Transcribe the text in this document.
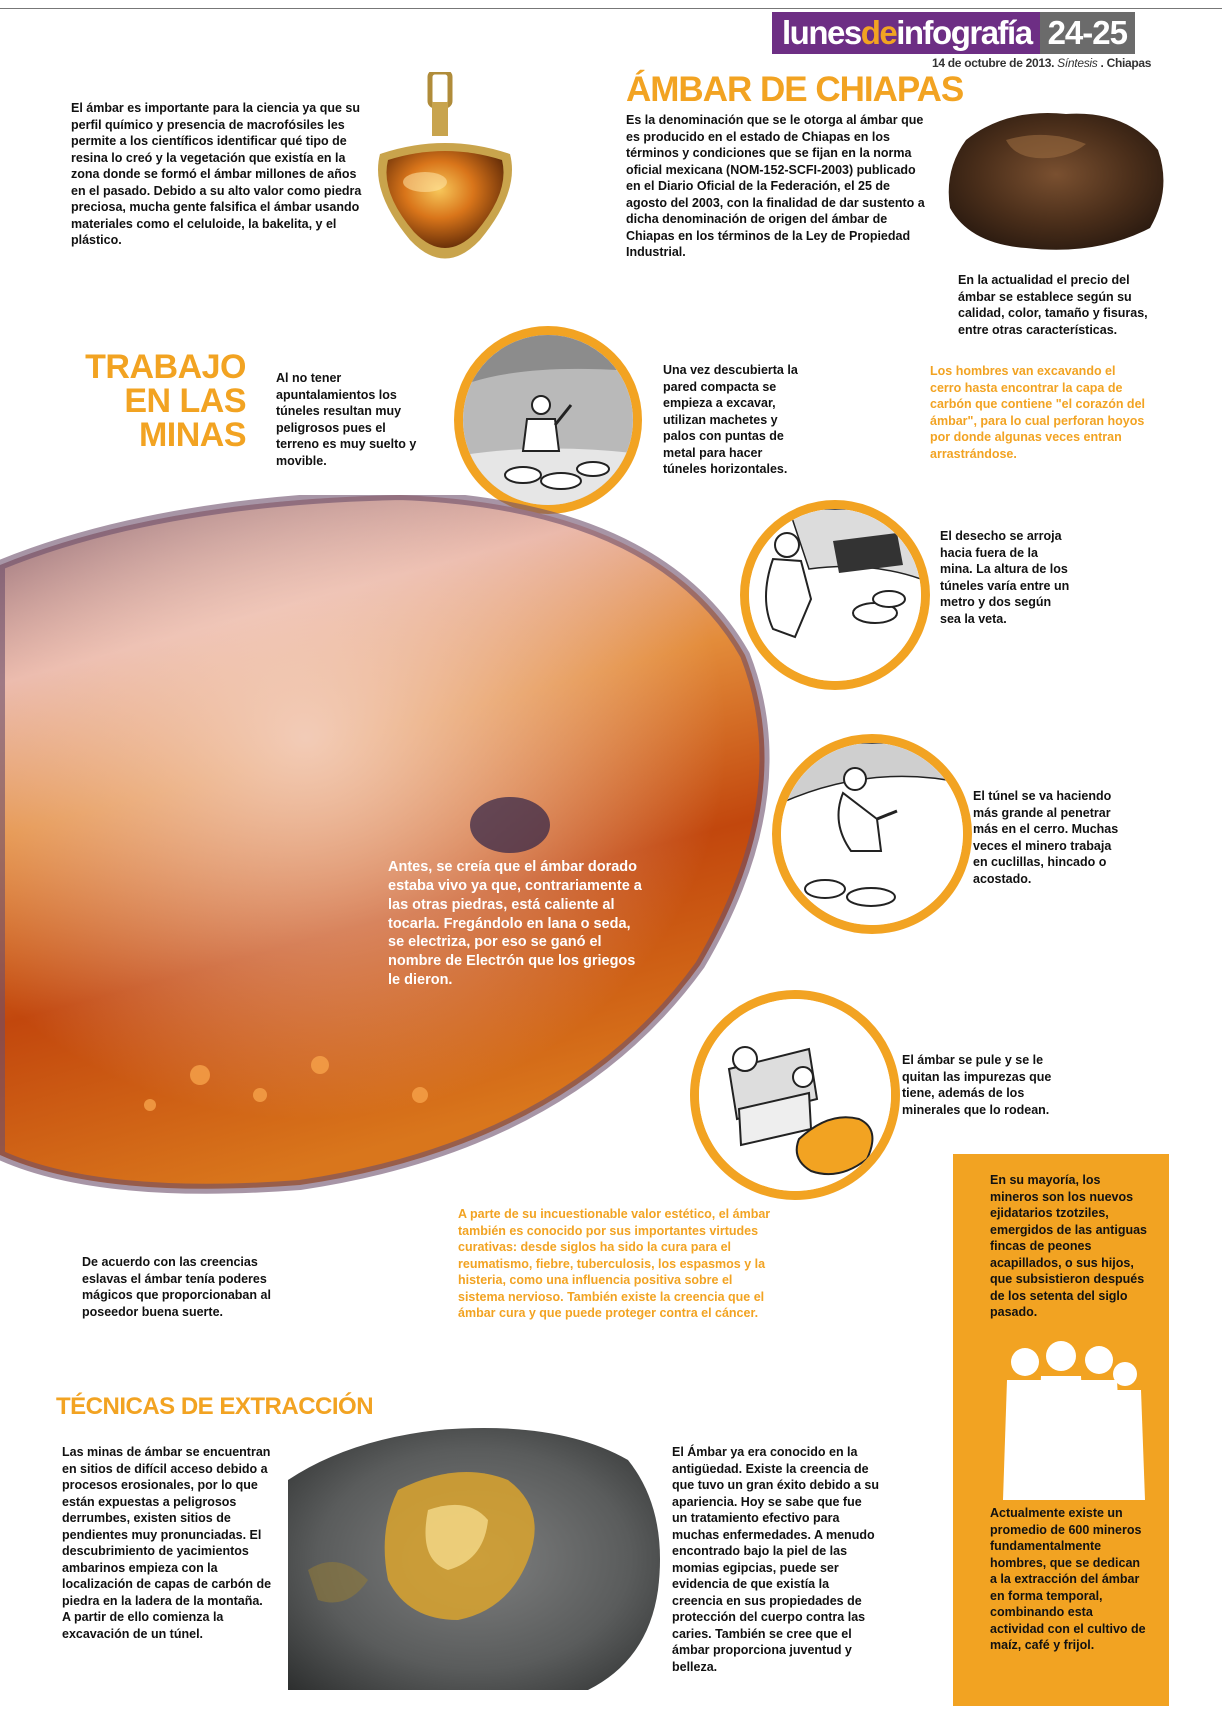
lunes de infografía 24-25
14 de octubre de 2013. Síntesis . Chiapas
El ámbar es importante para la ciencia ya que su perfil químico y presencia de macrofósiles les permite a los científicos identificar qué tipo de resina lo creó y la vegetación que existía en la zona donde se formó el ámbar millones de años en el pasado. Debido a su alto valor como piedra preciosa, mucha gente falsifica el ámbar usando materiales como el celuloide, la bakelita, y el plástico.
ÁMBAR DE CHIAPAS
Es la denominación que se le otorga al ámbar que es producido en el estado de Chiapas en los términos y condiciones que se fijan en la norma oficial mexicana (NOM-152-SCFI-2003) publicado en el Diario Oficial de la Federación, el 25 de agosto del 2003, con la finalidad de dar sustento a dicha denominación de origen del ámbar de Chiapas en los términos de la Ley de Propiedad Industrial.
En la actualidad el precio del ámbar se establece según su calidad, color, tamaño y fisuras, entre otras características.
TRABAJO
EN LAS
MINAS
Al no tener apuntalamientos los túneles resultan muy peligrosos pues el terreno es muy suelto y movible.
Una vez descubierta la pared compacta se empieza a excavar, utilizan machetes y palos con puntas de metal para hacer túneles horizontales.
Los hombres van excavando el cerro hasta encontrar la capa de carbón que contiene "el corazón del ámbar", para lo cual perforan hoyos por donde algunas veces entran arrastrándose.
El desecho se arroja hacia fuera de la mina. La altura de los túneles varía entre un metro y dos según sea la veta.
Antes, se creía que el ámbar dorado estaba vivo ya que, contrariamente a las otras piedras, está caliente al tocarla. Fregándolo en lana o seda, se electriza, por eso se ganó el nombre de Electrón que los griegos le dieron.
El túnel se va haciendo más grande al penetrar más en el cerro. Muchas veces el minero trabaja en cuclillas, hincado o acostado.
El ámbar se pule y se le quitan las impurezas que tiene, además de los minerales que lo rodean.
A parte de su incuestionable valor estético, el ámbar también es conocido por sus importantes virtudes curativas: desde siglos ha sido la cura para el reumatismo, fiebre, tuberculosis, los espasmos y la histeria, como una influencia positiva sobre el sistema nervioso. También existe la creencia que el ámbar cura y que puede proteger contra el cáncer.
De acuerdo con las creencias eslavas el ámbar tenía poderes mágicos que proporcionaban al poseedor buena suerte.
En su mayoría, los mineros son los nuevos ejidatarios tzotziles, emergidos de las antiguas fincas de peones acapillados, o sus hijos, que subsistieron después de los setenta del siglo pasado.
Actualmente existe un promedio de 600 mineros fundamentalmente hombres, que se dedican a la extracción del ámbar en forma temporal, combinando esta actividad con el cultivo de maíz, café y frijol.
TÉCNICAS DE EXTRACCIÓN
Las minas de ámbar se encuentran en sitios de difícil acceso debido a procesos erosionales, por lo que están expuestas a peligrosos derrumbes, existen sitios de pendientes muy pronunciadas. El descubrimiento de yacimientos ambarinos empieza con la localización de capas de carbón de piedra en la ladera de la montaña. A partir de ello comienza la excavación de un túnel.
El Ámbar ya era conocido en la antigüedad. Existe la creencia de que tuvo un gran éxito debido a su apariencia. Hoy se sabe que fue un tratamiento efectivo para muchas enfermedades. A menudo encontrado bajo la piel de las momias egipcias, puede ser evidencia de que existía la creencia en sus propiedades de protección del cuerpo contra las caries. También se cree que el ámbar proporciona juventud y belleza.
